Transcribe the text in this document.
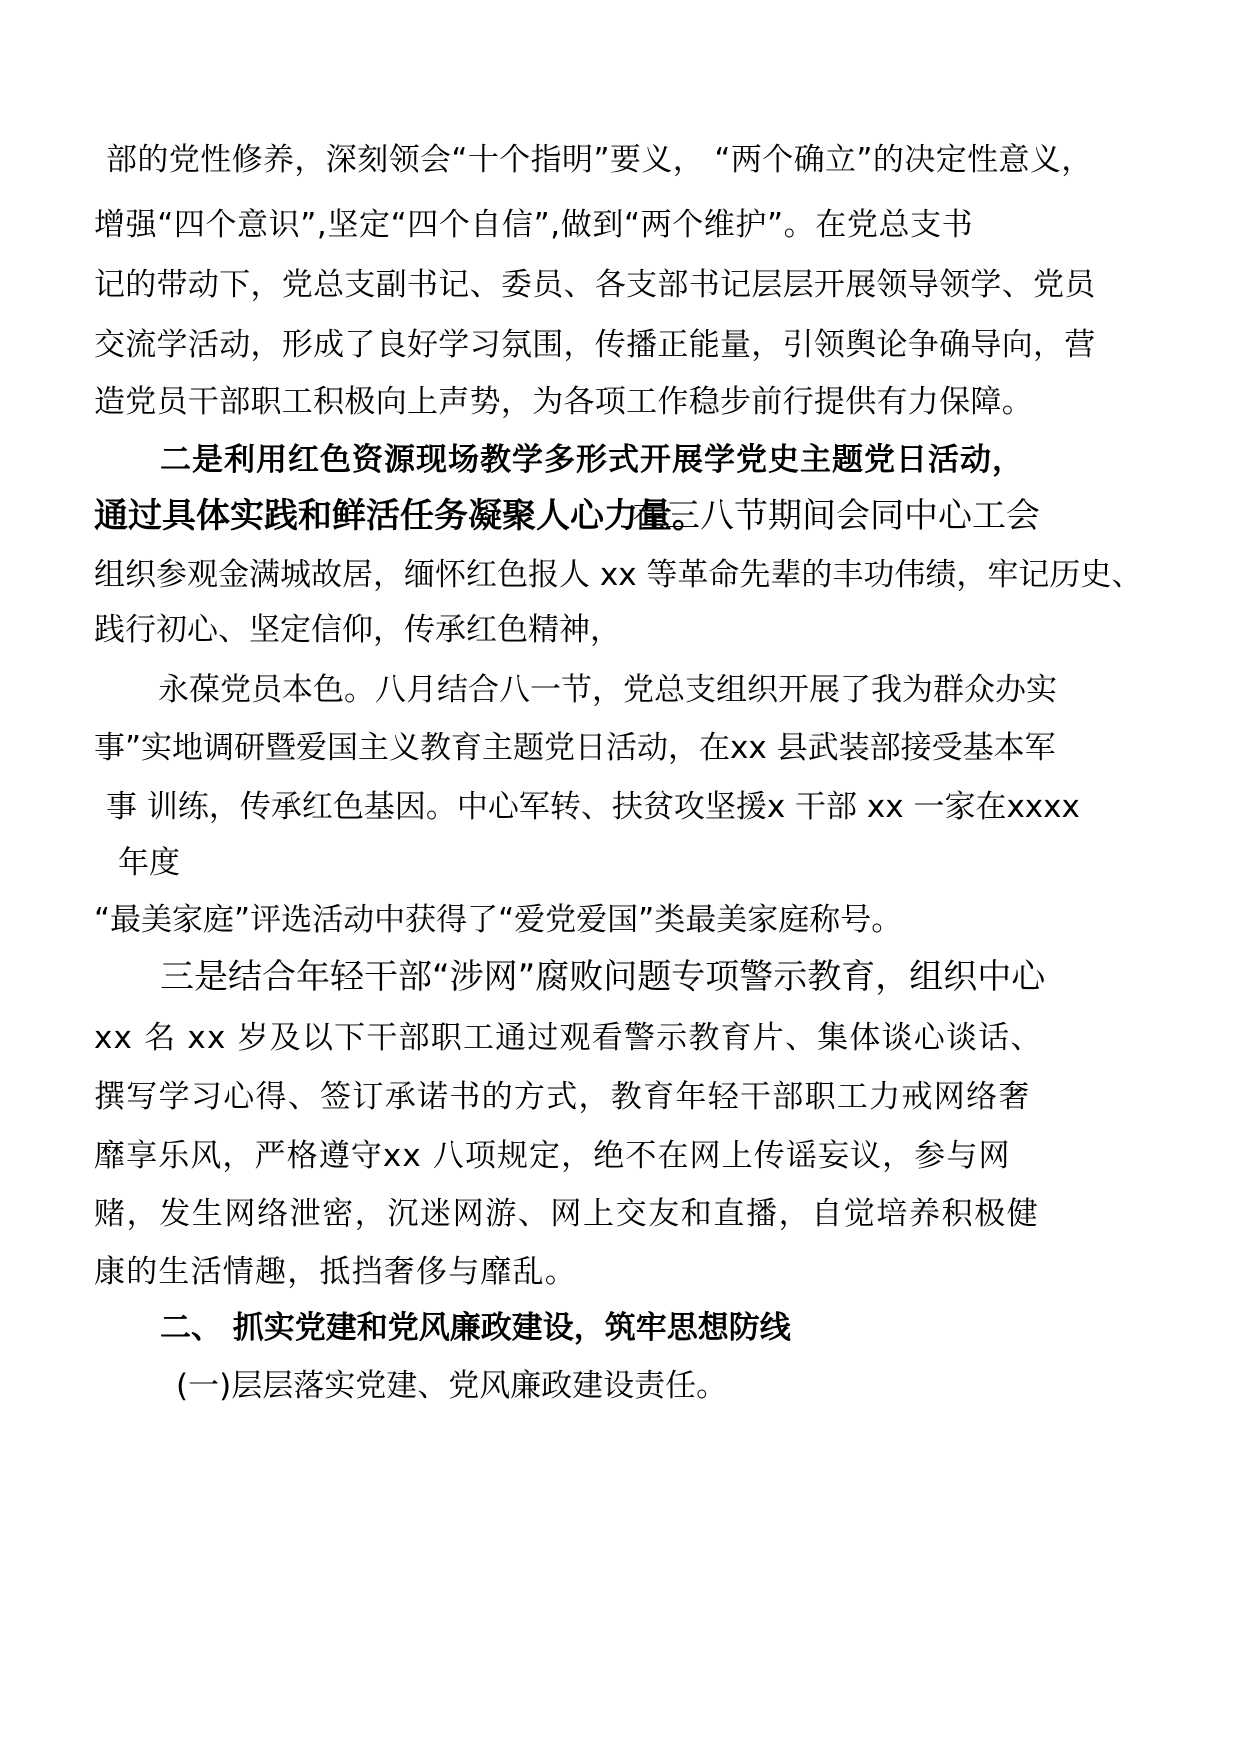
部的党性修养，深刻领会“十个指明”要义， “两个确立”的决定性意义，
增强“四个意识”,坚定“四个自信”,做到“两个维护”。在党总支书
记的带动下，党总支副书记、委员、各支部书记层层开展领导领学、党员
交流学活动，形成了良好学习氛围，传播正能量，引领舆论争确导向，营
造党员干部职工积极向上声势，为各项工作稳步前行提供有力保障。
二是利用红色资源现场教学多形式开展学党史主题党日活动，
通过具体实践和鲜活任务凝聚人心力量。
在三八节期间会同中心工会
组织参观金满城故居，缅怀红色报人 xx 等革命先辈的丰功伟绩，牢记历史、
践行初心、坚定信仰，传承红色精神，
永葆党员本色。八月结合八一节，党总支组织开展了我为群众办实
事”实地调研暨爱国主义教育主题党日活动，在xx 县武装部接受基本军
事 训练，传承红色基因。中心军转、扶贫攻坚援x 干部 xx 一家在xxxx
年度
“最美家庭”评选活动中获得了“爱党爱国”类最美家庭称号。
三是结合年轻干部“涉网”腐败问题专项警示教育，组织中心
xx 名 xx 岁及以下干部职工通过观看警示教育片、集体谈心谈话、
撰写学习心得、签订承诺书的方式，教育年轻干部职工力戒网络奢
靡享乐风，严格遵守xx 八项规定，绝不在网上传谣妄议，参与网
赌，发生网络泄密，沉迷网游、网上交友和直播，自觉培养积极健
康的生活情趣，抵挡奢侈与靡乱。
二、 抓实党建和党风廉政建设，筑牢思想防线
(一)层层落实党建、党风廉政建设责任。
